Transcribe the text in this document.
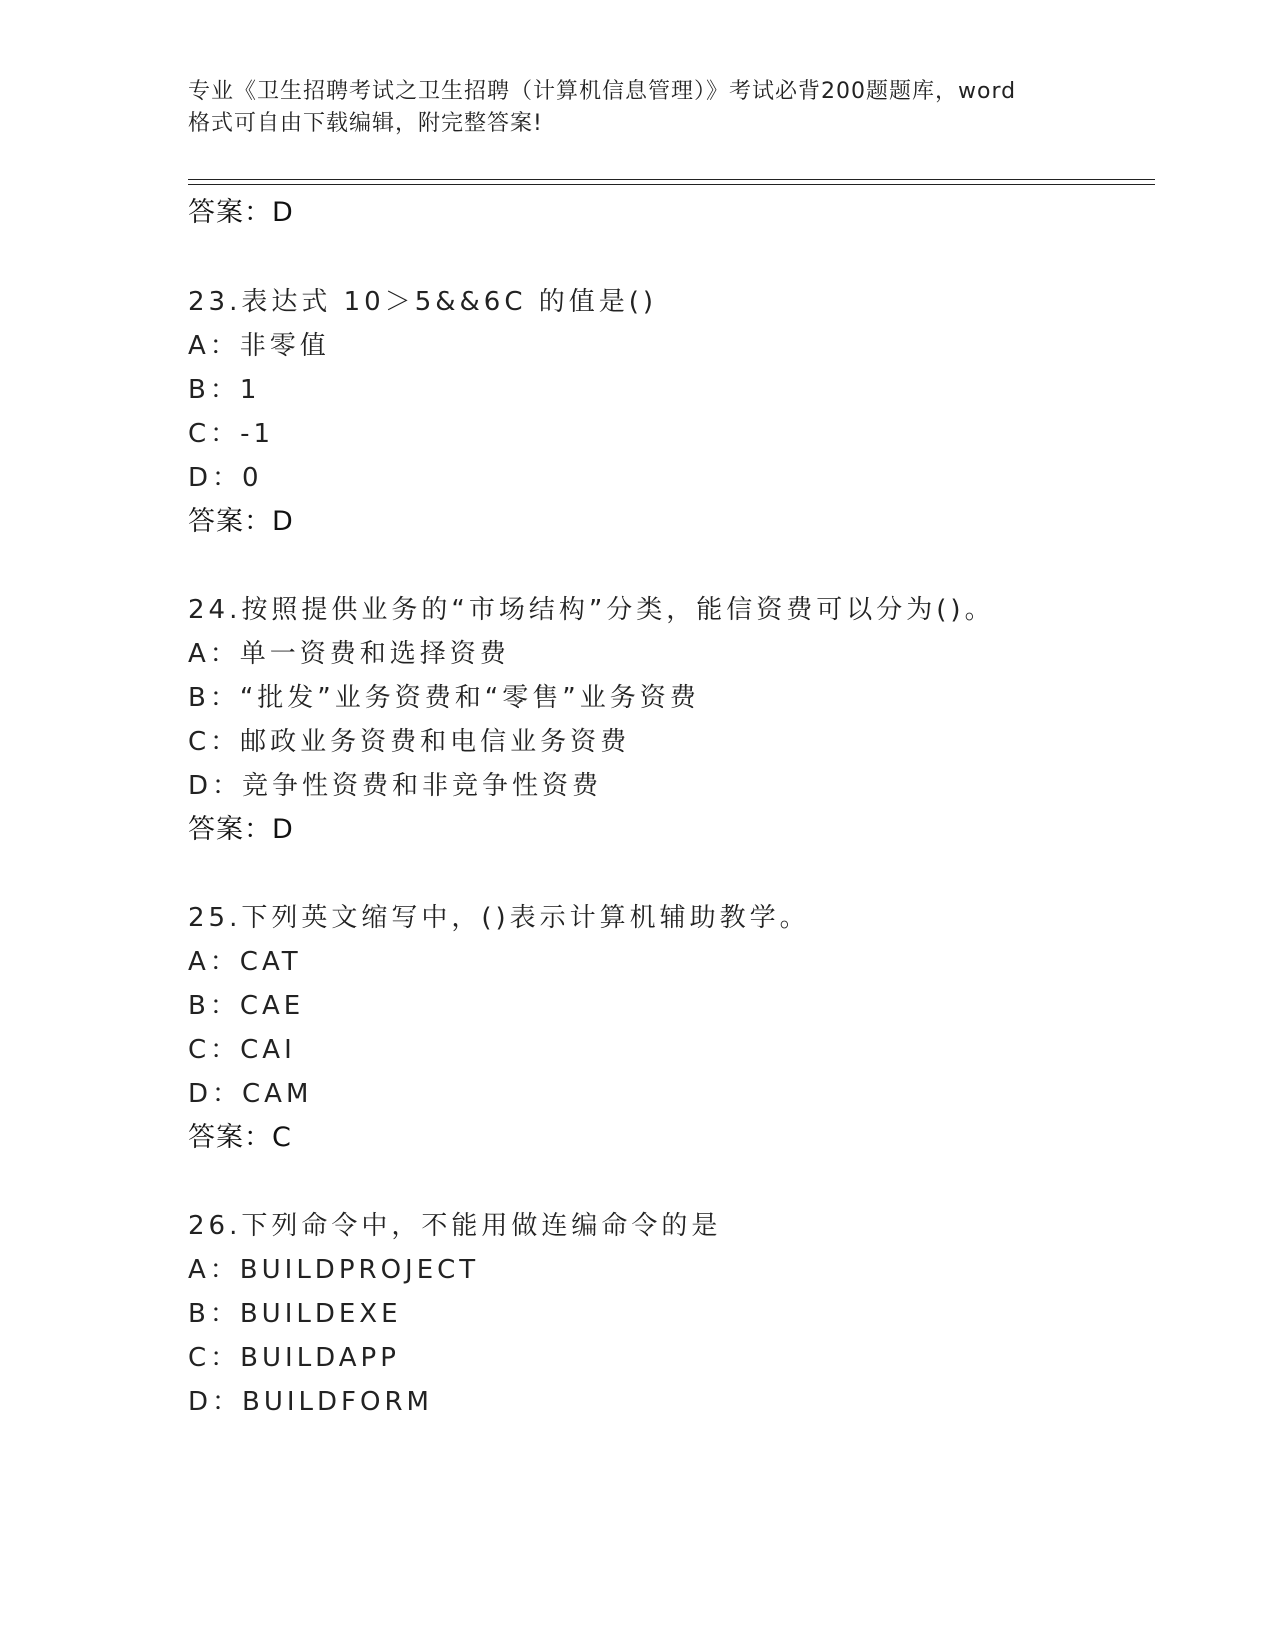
专业《卫生招聘考试之卫生招聘（计算机信息管理）》考试必背200题题库，word
格式可自由下载编辑，附完整答案!
答案：D
23.表达式 10＞5&&6C 的值是()
A：非零值
B：1
C：-1
D：0
答案：D
24.按照提供业务的“市场结构”分类，能信资费可以分为()。
A：单一资费和选择资费
B：“批发”业务资费和“零售”业务资费
C：邮政业务资费和电信业务资费
D：竞争性资费和非竞争性资费
答案：D
25.下列英文缩写中，()表示计算机辅助教学。
A：CAT
B：CAE
C：CAI
D：CAM
答案：C
26.下列命令中，不能用做连编命令的是
A：BUILDPROJECT
B：BUILDEXE
C：BUILDAPP
D：BUILDFORM
